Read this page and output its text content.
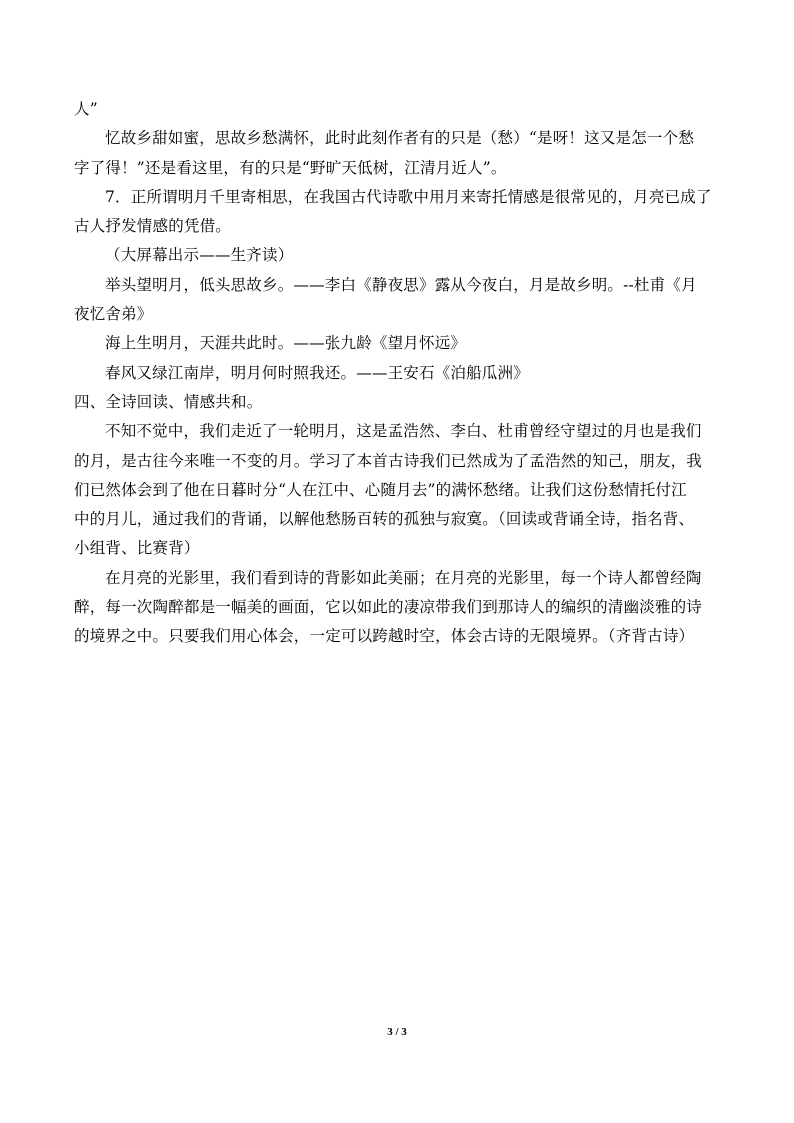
人”

忆故乡甜如蜜，思故乡愁满怀，此时此刻作者有的只是（愁）“是呀！这又是怎一个愁

字了得！”还是看这里，有的只是“野旷天低树，江清月近人”。

7．正所谓明月千里寄相思，在我国古代诗歌中用月来寄托情感是很常见的，月亮已成了

古人抒发情感的凭借。

（大屏幕出示——生齐读）

举头望明月，低头思故乡。——李白《静夜思》露从今夜白，月是故乡明。--杜甫《月

夜忆舍弟》

海上生明月，天涯共此时。——张九龄《望月怀远》

春风又绿江南岸，明月何时照我还。——王安石《泊船瓜洲》

四、全诗回读、情感共和。

不知不觉中，我们走近了一轮明月，这是孟浩然、李白、杜甫曾经守望过的月也是我们

的月，是古往今来唯一不变的月。学习了本首古诗我们已然成为了孟浩然的知己，朋友，我

们已然体会到了他在日暮时分“人在江中、心随月去”的满怀愁绪。让我们这份愁情托付江

中的月儿，通过我们的背诵，以解他愁肠百转的孤独与寂寞。（回读或背诵全诗，指名背、

小组背、比赛背）

在月亮的光影里，我们看到诗的背影如此美丽；在月亮的光影里，每一个诗人都曾经陶

醉，每一次陶醉都是一幅美的画面，它以如此的凄凉带我们到那诗人的编织的清幽淡雅的诗

的境界之中。只要我们用心体会，一定可以跨越时空，体会古诗的无限境界。（齐背古诗）

3 / 3
